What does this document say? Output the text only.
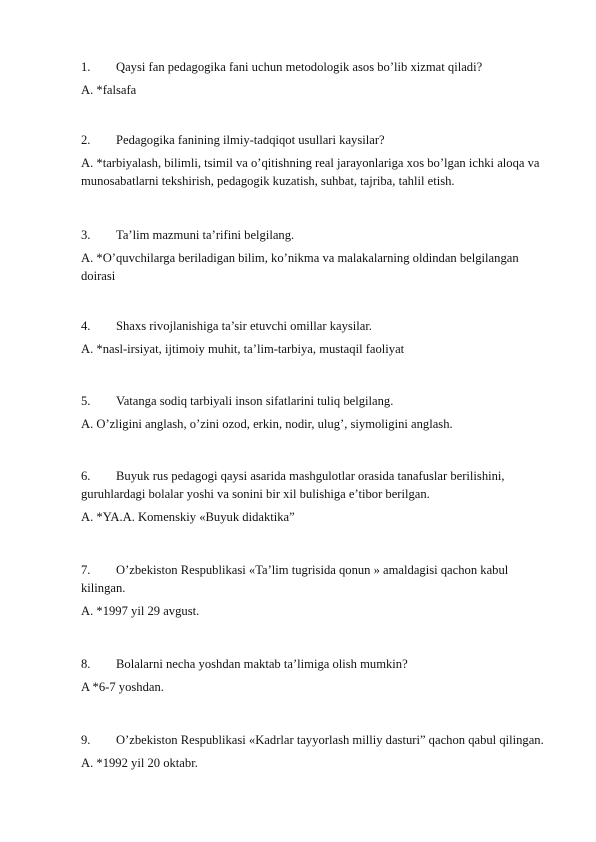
1. Qaysi fan pedagogika fani uchun metodologik asos bo’lib xizmat qiladi?
A. *falsafa
2. Pedagogika fanining ilmiy-tadqiqot usullari kaysilar?
A. *tarbiyalash, bilimli, tsimil va o’qitishning real jarayonlariga xos bo’lgan ichki aloqa va munosabatlarni tekshirish, pedagogik kuzatish, suhbat, tajriba, tahlil etish.
3. Ta’lim mazmuni ta’rifini belgilang.
A. *O’quvchilarga beriladigan bilim, ko’nikma va malakalarning oldindan belgilangan doirasi
4. Shaxs rivojlanishiga ta’sir etuvchi omillar kaysilar.
A. *nasl-irsiyat, ijtimoiy muhit, ta’lim-tarbiya, mustaqil faoliyat
5. Vatanga sodiq tarbiyali inson sifatlarini tuliq belgilang.
A. O’zligini anglash, o’zini ozod, erkin, nodir, ulug’, siymoligini anglash.
6. Buyuk rus pedagogi qaysi asarida mashgulotlar orasida tanafuslar berilishini, guruhlardagi bolalar yoshi va sonini bir xil bulishiga e’tibor berilgan.
A. *YA.A. Komenskiy «Buyuk didaktika”
7. O’zbekiston Respublikasi «Ta’lim tugrisida qonun » amaldagisi qachon kabul kilingan.
A. *1997 yil 29 avgust.
8. Bolalarni necha yoshdan maktab ta’limiga olish mumkin?
A *6-7 yoshdan.
9. O’zbekiston Respublikasi «Kadrlar tayyorlash milliy dasturi” qachon qabul qilingan.
A. *1992 yil 20 oktabr.
